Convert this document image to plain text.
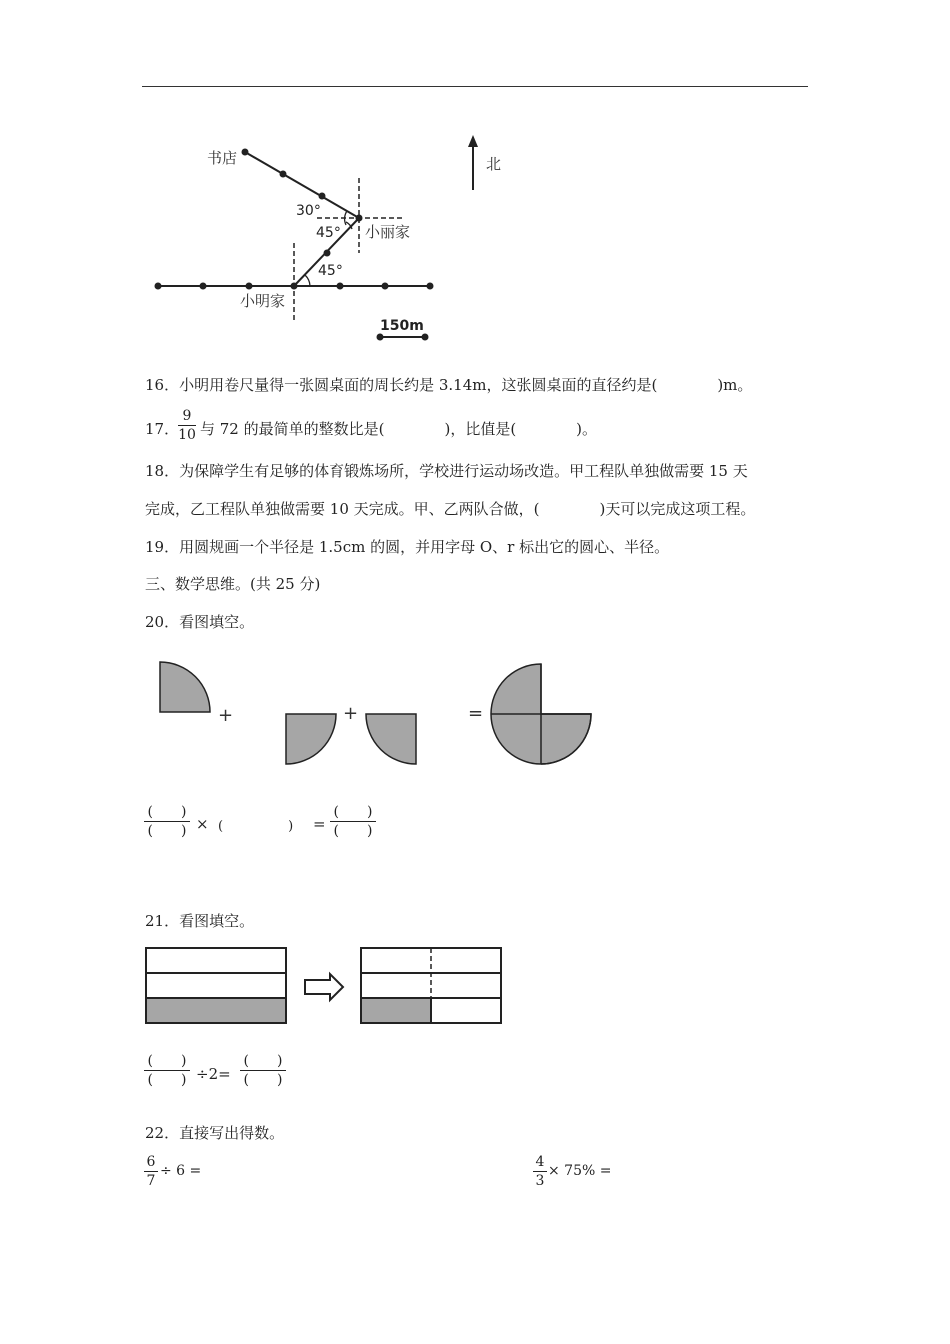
北
书店
30°
45° 小丽家
45°
小明家
150m
16．小明用卷尺量得一张圆桌面的周长约是 3.14m，这张圆桌面的直径约是(　　　　)m。
17．
$\frac{9}{10}$ 与 72 的最简单的整数比是(　　　　)，比值是(　　　　)。
18．为保障学生有足够的体育锻炼场所，学校进行运动场改造。甲工程队单独做需要 15 天
完成，乙工程队单独做需要 10 天完成。甲、乙两队合做，(　　　　)天可以完成这项工程。
19．用圆规画一个半径是 1.5cm 的圆，并用字母 O、r 标出它的圆心、半径。
三、数学思维。(共 25 分)
20．看图填空。
+	+	=
(　　)
(　　) × (　　　　　) =
(　　)
(　　)
21．看图填空。
(　　)
(　　) ÷2=
(　　)
(　　)
22．直接写出得数。
$\frac{6}{7} \div 6$ =	$\frac{4}{3} \times 75\%$ =
